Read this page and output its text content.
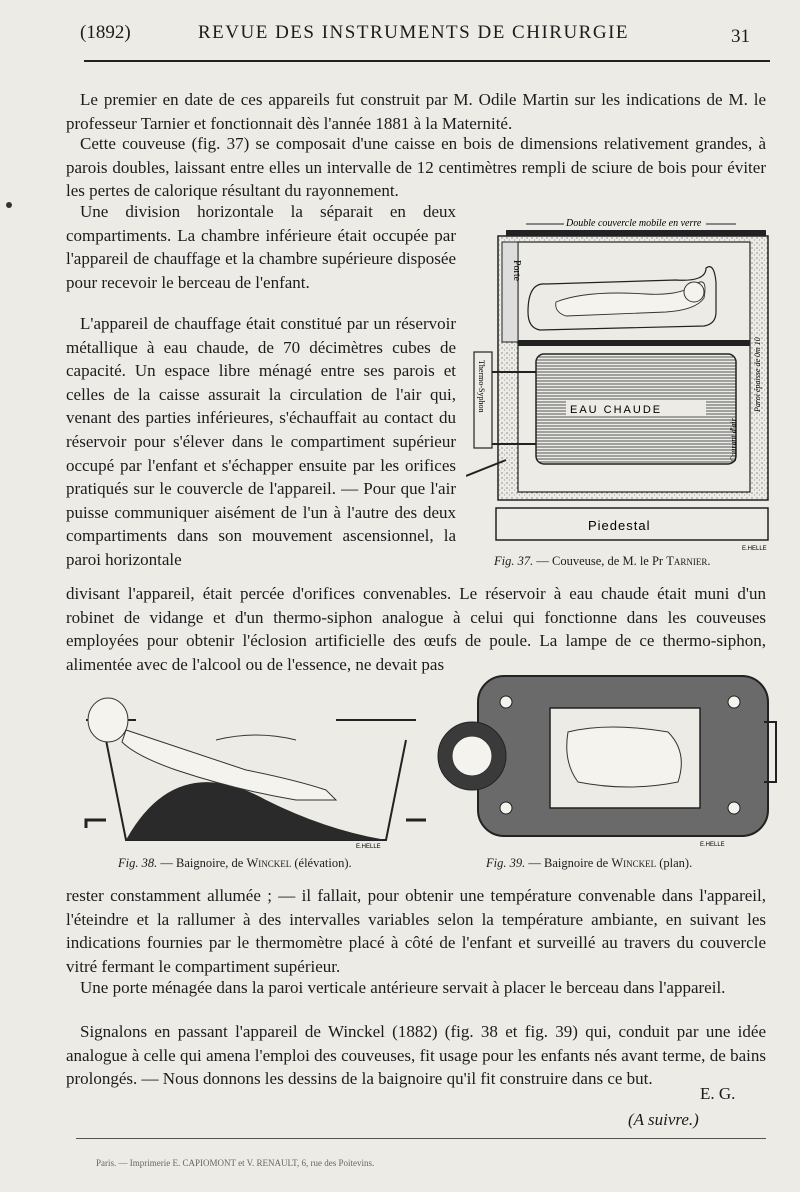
(1892)	REVUE DES INSTRUMENTS DE CHIRURGIE	31

Le premier en date de ces appareils fut construit par M. Odile Martin sur les indications de M. le professeur Tarnier et fonctionnait dès l'année 1881 à la Maternité.

Cette couveuse (fig. 37) se composait d'une caisse en bois de dimensions relativement grandes, à parois doubles, laissant entre elles un intervalle de 12 centimètres rempli de sciure de bois pour éviter les pertes de calorique résultant du rayonnement.

Une division horizontale la séparait en deux compartiments. La chambre inférieure était occupée par l'appareil de chauffage et la chambre supérieure disposée pour recevoir le berceau de l'enfant.

L'appareil de chauffage était constitué par un réservoir métallique à eau chaude, de 70 décimètres cubes de capacité. Un espace libre ménagé entre ses parois et celles de la caisse assurait la circulation de l'air qui, venant des parties inférieures, s'échauffait au contact du réservoir pour s'élever dans le compartiment supérieur occupé par l'enfant et s'échapper ensuite par les orifices pratiqués sur le couvercle de l'appareil. — Pour que l'air puisse communiquer aisément de l'un à l'autre des deux compartiments dans son mouvement ascensionnel, la paroi horizontale

divisant l'appareil, était percée d'orifices convenables. Le réservoir à eau chaude était muni d'un robinet de vidange et d'un thermo-siphon analogue à celui qui fonctionne dans les couveuses employées pour obtenir l'éclosion artificielle des œufs de poule. La lampe de ce thermo-siphon, alimentée avec de l'alcool ou de l'essence, ne devait pas

Double couvercle mobile en verre
Porte
EAU CHAUDE
Thermo-Syphon
Courant d'air
Paroi épaisse de 0m 10
Piedestal
E.HELLE
Fig. 37. — Couveuse, de M. le Pr Tarnier.
E.HELLE
Fig. 38. — Baignoire, de Winckel (élévation).
E.HELLE
Fig. 39. — Baignoire de Winckel (plan).

rester constamment allumée ; — il fallait, pour obtenir une température convenable dans l'appareil, l'éteindre et la rallumer à des intervalles variables selon la température ambiante, en suivant les indications fournies par le thermomètre placé à côté de l'enfant et surveillé au travers du couvercle vitré fermant le compartiment supérieur.

Une porte ménagée dans la paroi verticale antérieure servait à placer le berceau dans l'appareil.

Signalons en passant l'appareil de Winckel (1882) (fig. 38 et fig. 39) qui, conduit par une idée analogue à celle qui amena l'emploi des couveuses, fit usage pour les enfants nés avant terme, de bains prolongés. — Nous donnons les dessins de la baignoire qu'il fit construire dans ce but.

E. G.
(A suivre.)
Paris. — Imprimerie E. CAPIOMONT et V. RENAULT, 6, rue des Poitevins.
